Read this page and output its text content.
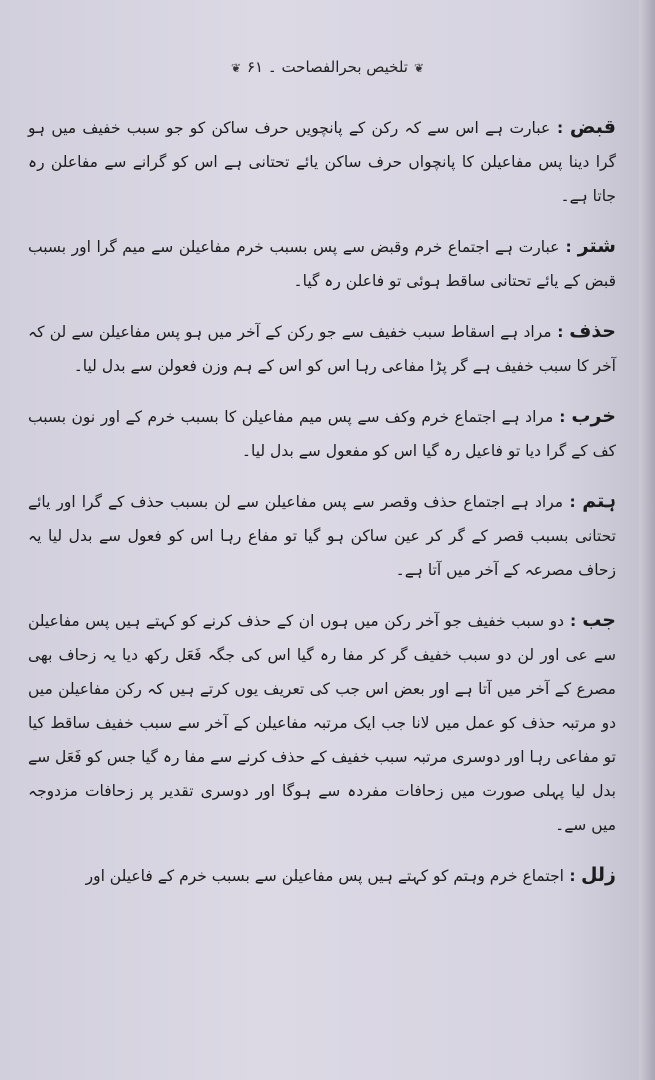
❦تلخیص بحرالفصاحت ۔ ۶۱❦

قبض : عبارت ہے اس سے کہ رکن کے پانچویں حرف ساکن کو جو سبب خفیف میں ہو گرا دینا پس مفاعیلن کا پانچواں حرف ساکن یائے تحتانی ہے اس کو گرانے سے مفاعلن رہ جاتا ہے۔

شتر : عبارت ہے اجتماع خرم وقبض سے پس بسبب خرم مفاعیلن سے میم گرا اور بسبب قبض کے یائے تحتانی ساقط ہوئی تو فاعلن رہ گیا۔

حذف : مراد ہے اسقاط سبب خفیف سے جو رکن کے آخر میں ہو پس مفاعیلن سے لن کہ آخر کا سبب خفیف ہے گر پڑا مفاعی رہا اس کو اس کے ہم وزن فعولن سے بدل لیا۔

خرب : مراد ہے اجتماع خرم وکف سے پس میم مفاعیلن کا بسبب خرم کے اور نون بسبب کف کے گرا دیا تو فاعیل رہ گیا اس کو مفعول سے بدل لیا۔

ہتم : مراد ہے اجتماع حذف وقصر سے پس مفاعیلن سے لن بسبب حذف کے گرا اور یائے تحتانی بسبب قصر کے گر کر عین ساکن ہو گیا تو مفاع رہا اس کو فعول سے بدل لیا یہ زحاف مصرعہ کے آخر میں آتا ہے۔

جب : دو سبب خفیف جو آخر رکن میں ہوں ان کے حذف کرنے کو کہتے ہیں پس مفاعیلن سے عی اور لن دو سبب خفیف گر کر مفا رہ گیا اس کی جگہ فَعَل رکھ دیا یہ زحاف بھی مصرع کے آخر میں آتا ہے اور بعض اس جب کی تعریف یوں کرتے ہیں کہ رکن مفاعیلن میں دو مرتبہ حذف کو عمل میں لانا جب ایک مرتبہ مفاعیلن کے آخر سے سبب خفیف ساقط کیا تو مفاعی رہا اور دوسری مرتبہ سبب خفیف کے حذف کرنے سے مفا رہ گیا جس کو فَعَل سے بدل لیا پہلی صورت میں زحافات مفردہ سے ہوگا اور دوسری تقدیر پر زحافات مزدوجہ میں سے۔

زلل : اجتماع خرم وہتم کو کہتے ہیں پس مفاعیلن سے بسبب خرم کے فاعیلن اور
